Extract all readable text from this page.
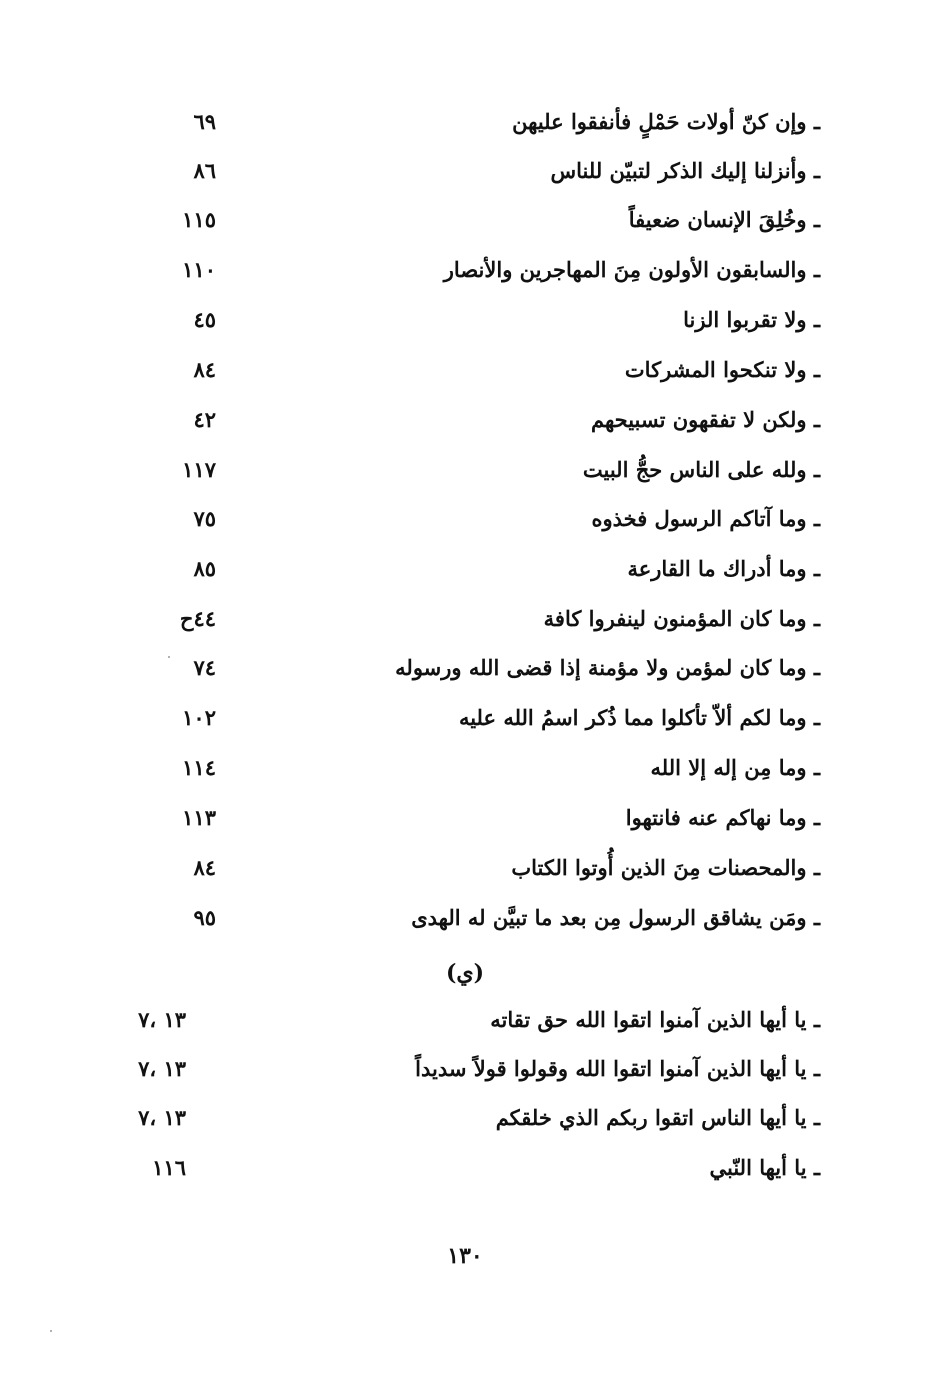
ـ وإن كنّ أولات حَمْلٍ فأنفقوا عليهن
٦٩
ـ وأنزلنا إليك الذكر لتبيّن للناس
٨٦
ـ وخُلِقَ الإنسان ضعيفاً
١١٥
ـ والسابقون الأولون مِنَ المهاجرين والأنصار
١١٠
ـ ولا تقربوا الزنا
٤٥
ـ ولا تنكحوا المشركات
٨٤
ـ ولكن لا تفقهون تسبيحهم
٤٢
ـ ولله على الناس حجُّ البيت
١١٧
ـ وما آتاكم الرسول فخذوه
٧٥
ـ وما أدراك ما القارعة
٨٥
ـ وما كان المؤمنون لينفروا كافة
٤٤ح
ـ وما كان لمؤمن ولا مؤمنة إذا قضى الله ورسوله
٧٤
ـ وما لكم ألاّ تأكلوا مما ذُكر اسمُ الله عليه
١٠٢
ـ وما مِن إله إلا الله
١١٤
ـ وما نهاكم عنه فانتهوا
١١٣
ـ والمحصنات مِنَ الذين أُوتوا الكتاب
٨٤
ـ ومَن يشاقق الرسول مِن بعد ما تبيَّن له الهدى
٩٥
(ي)
ـ يا أيها الذين آمنوا اتقوا الله حق تقاته
١٣ ،٧
ـ يا أيها الذين آمنوا اتقوا الله وقولوا قولاً سديداً
١٣ ،٧
ـ يا أيها الناس اتقوا ربكم الذي خلقكم
١٣ ،٧
ـ يا أيها النّبي
١١٦
١٣٠
